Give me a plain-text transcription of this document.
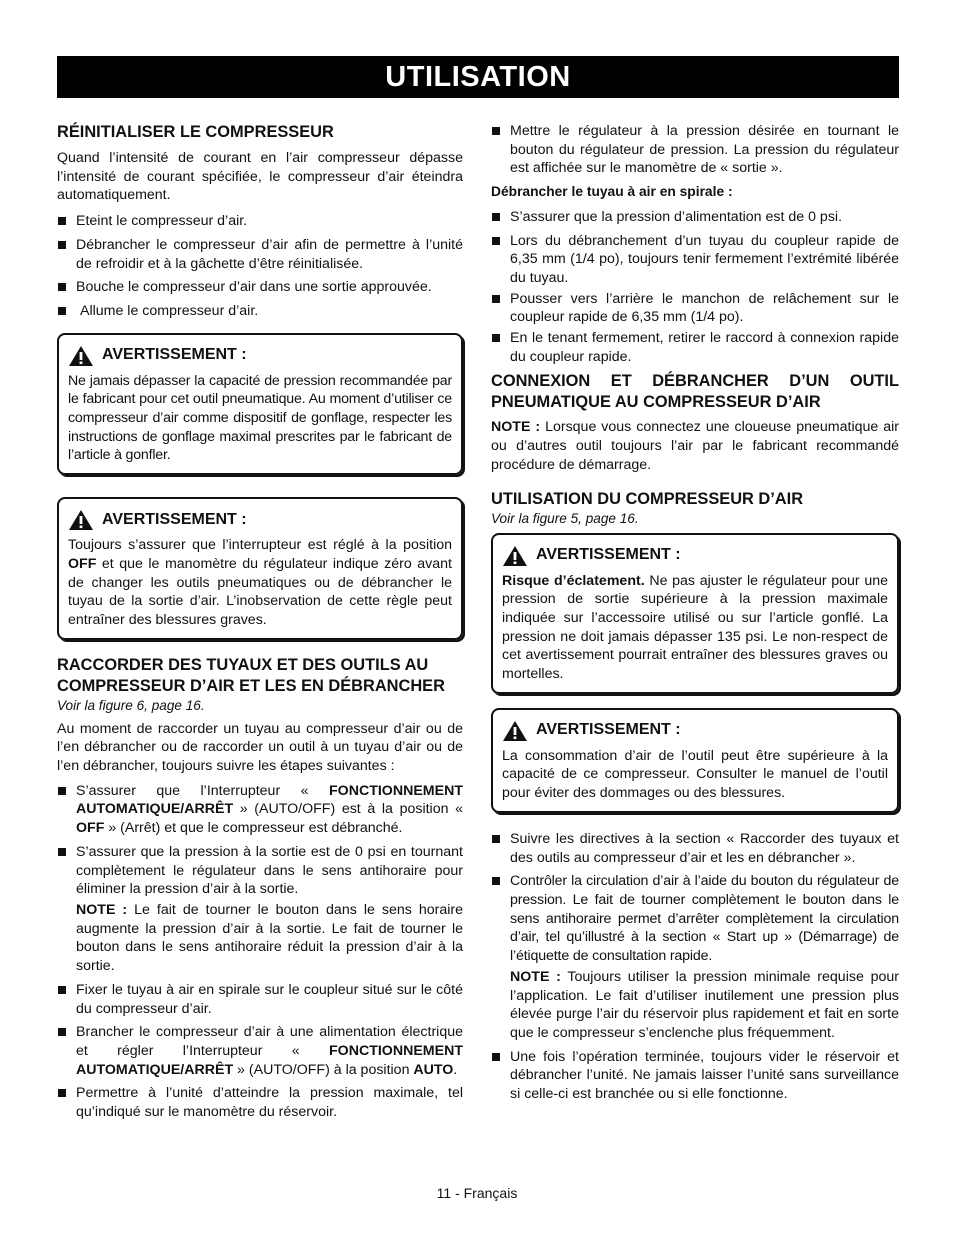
UTILISATION
RÉINITIALISER LE COMPRESSEUR

Quand l’intensité de courant en l’air compresseur dépasse l’intensité de courant spécifiée, le compresseur d’air éteindra automatiquement.

Eteint le compresseur d’air.
Débrancher le compresseur d’air afin de permettre à l’unité de refroidir et à la gâchette d’être réinitialisée.
Bouche le compresseur d’air dans une sortie approuvée.
Allume le compresseur d’air.
AVERTISSEMENT :

Ne jamais dépasser la capacité de pression recommandée par le fabricant pour cet outil pneumatique. Au moment d’utiliser ce compresseur d’air comme dispositif de gonflage, respecter les instructions de gonflage maximal prescrites par le fabricant de l’article à gonfler.

AVERTISSEMENT :

Toujours s’assurer que l’interrupteur est réglé à la position OFF et que le manomètre du régulateur indique zéro avant de changer les outils pneumatiques ou de débrancher le tuyau de la sortie d’air. L’inobservation de cette règle peut entraîner des blessures graves.

RACCORDER DES TUYAUX ET DES OUTILS AU COMPRESSEUR D’AIR ET LES EN DÉBRANCHER
Voir la figure 6, page 16.

Au moment de raccorder un tuyau au compresseur d’air ou de l’en débrancher ou de raccorder un outil à un tuyau d’air ou de l’en débrancher, toujours suivre les étapes suivantes :

S’assurer que l’Interrupteur « FONCTIONNEMENT AUTOMATIQUE/ARRÊT » (AUTO/OFF) est à la position « OFF » (Arrêt) et que le compresseur est débranché.
S’assurer que la pression à la sortie est de 0 psi en tournant complètement le régulateur dans le sens antihoraire pour éliminer la pression d’air à la sortie.

NOTE : Le fait de tourner le bouton dans le sens horaire augmente la pression d’air à la sortie. Le fait de tourner le bouton dans le sens antihoraire réduit la pression d’air à la sortie.

Fixer le tuyau à air en spirale sur le coupleur situé sur le côté du compresseur d’air.
Brancher le compresseur d’air à une alimentation électrique et régler l’Interrupteur « FONCTIONNEMENT AUTOMATIQUE/ARRÊT » (AUTO/OFF) à la position AUTO.
Permettre à l’unité d’atteindre la pression maximale, tel qu’indiqué sur le manomètre du réservoir.
Mettre le régulateur à la pression désirée en tournant le bouton du régulateur de pression. La pression du régulateur est affichée sur le manomètre de « sortie ».
Débrancher le tuyau à air en spirale :
S’assurer que la pression d’alimentation est de 0 psi.
Lors du débranchement d’un tuyau du coupleur rapide de 6,35 mm (1/4 po), toujours tenir fermement l’extrémité libérée du tuyau.
Pousser vers l’arrière le manchon de relâchement sur le coupleur rapide de 6,35 mm (1/4 po).
En le tenant fermement, retirer le raccord à connexion rapide du coupleur rapide.
CONNEXION ET DÉBRANCHER D’UN OUTIL PNEUMATIQUE AU COMPRESSEUR D’AIR

NOTE : Lorsque vous connectez une cloueuse pneumatique air ou d’autres outil toujours l’air par le fabricant recommandé procédure de démarrage.

UTILISATION DU COMPRESSEUR D’AIR
Voir la figure 5, page 16.
AVERTISSEMENT :

Risque d’éclatement. Ne pas ajuster le régulateur pour une pression de sortie supérieure à la pression maximale indiquée sur l’accessoire utilisé ou sur l’article gonflé. La pression ne doit jamais dépasser 135 psi. Le non-respect de cet avertissement pourrait entraîner des blessures graves ou mortelles.

AVERTISSEMENT :

La consommation d’air de l’outil peut être supérieure à la capacité de ce compresseur. Consulter le manuel de l’outil pour éviter des dommages ou des blessures.

Suivre les directives à la section « Raccorder des tuyaux et des outils au compresseur d’air et les en débrancher ».
Contrôler la circulation d’air à l’aide du bouton du régulateur de pression. Le fait de tourner complètement le bouton dans le sens antihoraire permet d’arrêter complètement la circulation d’air, tel qu’illustré à la section « Start up » (Démarrage) de l’étiquette de consultation rapide.

NOTE : Toujours utiliser la pression minimale requise pour l’application. Le fait d’utiliser inutilement une pression plus élevée purge l’air du réservoir plus rapidement et fait en sorte que le compresseur s’enclenche plus fréquemment.

Une fois l’opération terminée, toujours vider le réservoir et débrancher l’unité. Ne jamais laisser l’unité sans surveillance si celle-ci est branchée ou si elle fonctionne.
11 - Français
